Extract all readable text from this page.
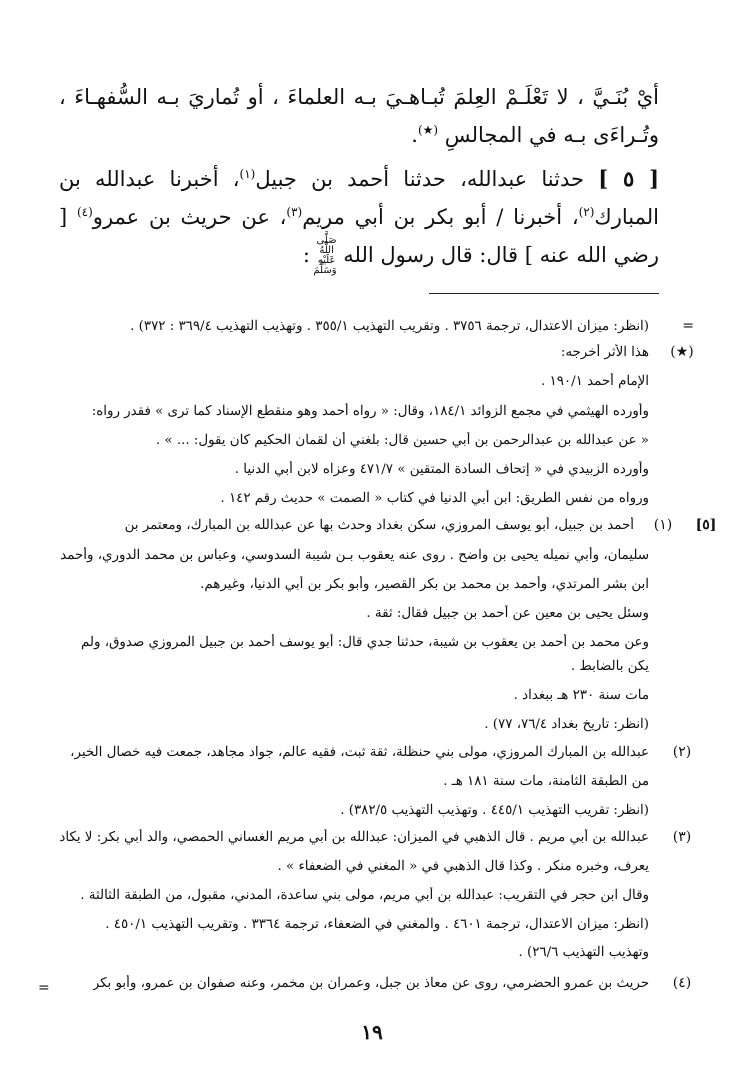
أيْ بُنَـيَّ ، لا تَعْلَـمْ العِلمَ تُبـاهـيَ بـه العلماءَ ، أو تُماريَ بـه السُّفهـاءَ ، وتُـراءَى بـه في المجالسِ (★).
[ ٥ ] حدثنا عبدالله، حدثنا أحمد بن جبيل$^{(١)}$، أخبرنا عبدالله بن المبارك$^{(٢)}$، أخبرنا / أبو بكر بن أبي مريم$^{(٣)}$، عن حريث بن عمرو$^{(٤)}$ [ رضي الله عنه ] قال: قال رسول الله صَلَّى اللَّهُ عَلَيْهِ وَسَلَّمَ :
=
(انظر: ميزان الاعتدال، ترجمة ٣٧٥٦ . وتقريب التهذيب ٣٥٥/١ . وتهذيب التهذيب ٣٦٩/٤ : ٣٧٢) .
(★)
هذا الأثر أخرجه:
الإمام أحمد ١٩٠/١ .
وأورده الهيثمي في مجمع الزوائد ١٨٤/١، وقال: « رواه أحمد وهو منقطع الإسناد كما ترى » فقدر رواه:
« عن عبدالله بن عبدالرحمن بن أبي حسين قال: بلغني أن لقمان الحكيم كان يقول: ... » .
وأورده الزبيدي في « إتحاف السادة المتقين » ٤٧١/٧ وعزاه لابن أبي الدنيا .
ورواه من نفس الطريق: ابن أبي الدنيا في كتاب « الصمت » حديث رقم ١٤٢ .
[٥]
(١)
أحمد بن جبيل، أبو يوسف المروزي، سكن بغداد وحدث بها عن عبدالله بن المبارك، ومعتمر بن
سليمان، وأبي نميله يحيى بن واضح . روى عنه يعقوب بـن شيبة السدوسي، وعباس بن محمد الدوري، وأحمد
ابن بشر المرتدي، وأحمد بن محمد بن بكر القصير، وأبو بكر بن أبي الدنيا، وغيرهم.
وسئل يحيى بن معين عن أحمد بن جبيل فقال: ثقة .
وعن محمد بن أحمد بن يعقوب بن شيبة، حدثنا جدي قال: أبو يوسف أحمد بن جبيل المروزي صدوق، ولم
يكن بالضابط .
مات سنة ٢٣٠ هـ ببغداد .
(انظر: تاريخ بغداد ٧٦/٤، ٧٧) .
(٢)
عبدالله بن المبارك المروزي، مولى بني حنظلة، ثقة ثبت، فقيه عالم، جواد مجاهد، جمعت فيه خصال الخير،
من الطبقة الثامنة، مات سنة ١٨١ هـ .
(انظر: تقريب التهذيب ٤٤٥/١ . وتهذيب التهذيب ٣٨٢/٥) .
(٣)
عبدالله بن أبي مريم . قال الذهبي في الميزان: عبدالله بن أبي مريم الغساني الحمصي، والد أبي بكر: لا يكاد
يعرف، وخبره منكر . وكذا قال الذهبي في « المغني في الضعفاء » .
وقال ابن حجر في التقريب: عبدالله بن أبي مريم، مولى بني ساعدة، المدني، مقبول، من الطبقة الثالثة .
(انظر: ميزان الاعتدال، ترجمة ٤٦٠١ . والمغني في الضعفاء، ترجمة ٣٣٦٤ . وتقريب التهذيب ٤٥٠/١ .
وتهذيب التهذيب ٢٦/٦) .
(٤)
حريث بن عمرو الحضرمي، روى عن معاذ بن جبل، وعمران بن مخمر، وعنه صفوان بن عمرو، وأبو بكر
=
١٩
